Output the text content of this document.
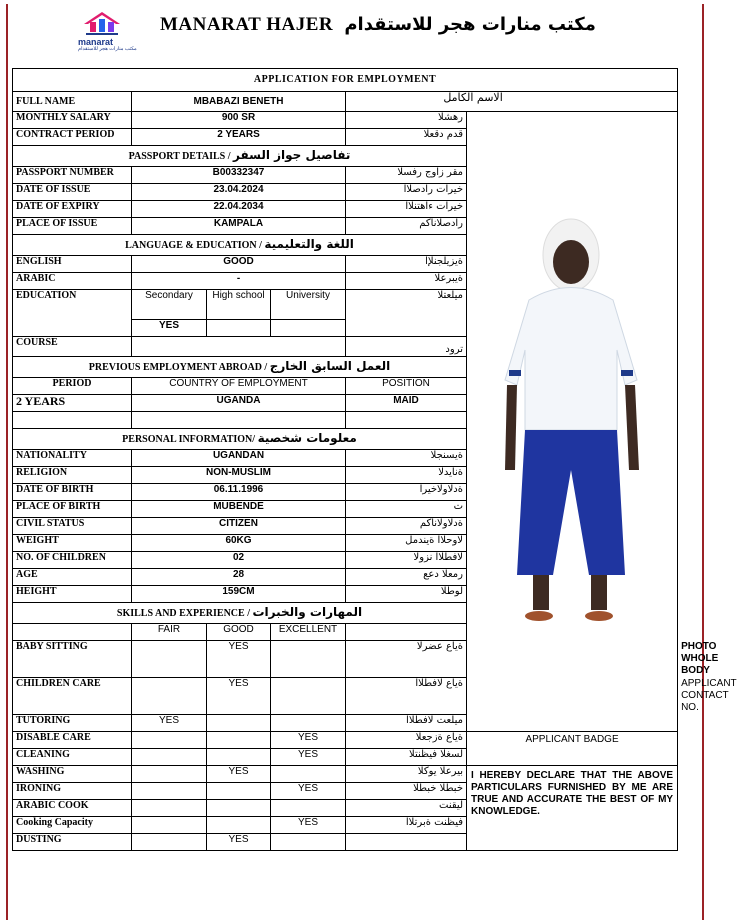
manarat
مكتب منارات هجر للاستقدام
MANARAT HAJER مكتب منارات هجر للاستقدام
APPLICATION FOR EMPLOYMENT						
FULL NAME	MBABAZI BENETH			الاسم الكامل		
MONTHLY SALARY	900 SR			رهشلا	
CONTRACT PERIOD	2 YEARS			قدم دقعلا		
PASSPORT DETAILS / تفاصيل جواز السفر						
PASSPORT NUMBER	B00332347			مقر زاوج رفسلا		
DATE OF ISSUE	23.04.2024			خيرات رادصلاا		
DATE OF EXPIRY	22.04.2034			خيرات ءاهتنلاا		
PLACE OF ISSUE	KAMPALA			رادصلاناكم		
LANGUAGE & EDUCATION / اللغة والتعليمية						
ENGLISH	GOOD			ةيزيلجنلإا		
ARABIC	-			ةيبرعلا		
EDUCATION	Secondary	High school	University	ميلعتلا		
	YES					
COURSE				ترود		
PREVIOUS EMPLOYMENT ABROAD / العمل السابق الخارج						
PERIOD	COUNTRY OF EMPLOYMENT			POSITION		
2 YEARS	UGANDA			MAID		

PERSONAL INFORMATION/ معلومات شخصية						
NATIONALITY	UGANDAN			ةيسنجلا		
RELIGION	NON-MUSLIM			ةنايدلا		
DATE OF BIRTH	06.11.1996			ةدلاولاخيرا		
PLACE OF BIRTH	MUBENDE			ت		
CIVIL STATUS	CITIZEN			ةدلاولاناكم		
WEIGHT	60KG			لاوحلاا ةيندمل		
NO. OF CHILDREN	02			لافطلاا نزولا		
AGE	28			رمعلا دعع		
HEIGHT	159CM			لوطلا		
SKILLS AND EXPERIENCE / المهارات والخبرات						
	FAIR	GOOD	EXCELLENT			
BABY SITTING		YES		ةياع عضرلا		PHOTO WHOLE BODY
CHILDREN CARE		YES		ةياع لافطلاا		APPLICANT CONTACT NO.
TUTORING	YES			ميلعت لافطلاا		
DISABLE CARE			YES	ةياع ةزجعلا	APPLICANT BADGE	
CLEANING			YES	لسغلا فيظنتلا		
WASHING		YES		بيرعلا يوكلا	I HEREBY DECLARE THAT THE ABOVE PARTICULARS FURNISHED BY ME ARE TRUE AND ACCURATE THE BEST OF MY KNOWLEDGE.	
IRONING			YES	خبطلا خبطلا		
ARABIC COOK				ليقنت		
Cooking Capacity			YES	فيظنت ةبرتلاا		
DUSTING		YES				
